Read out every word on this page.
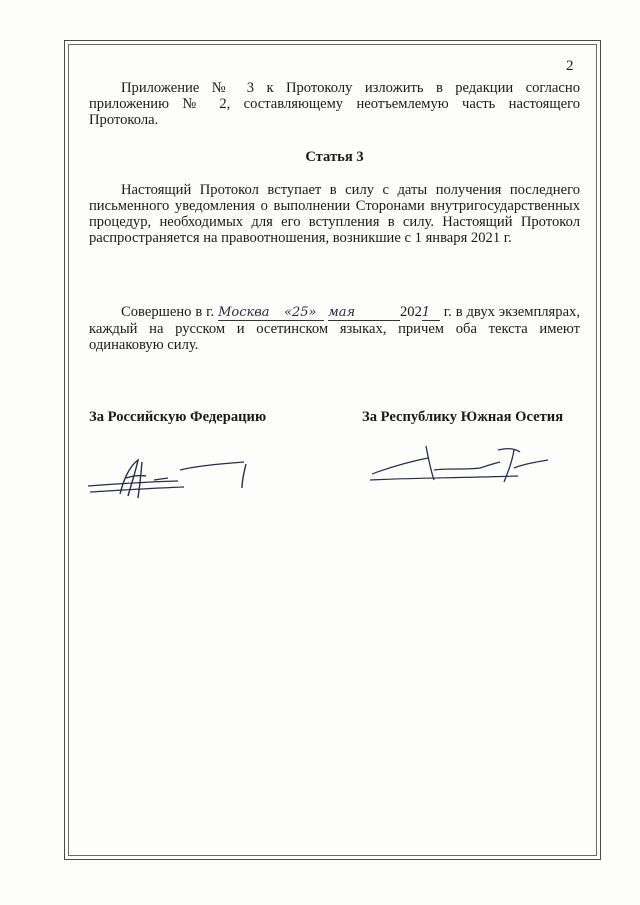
2
Приложение № 3 к Протоколу изложить в редакции согласно приложению № 2, составляющему неотъемлемую часть настоящего Протокола.
Статья 3
Настоящий Протокол вступает в силу с даты получения последнего письменного уведомления о выполнении Сторонами внутригосударственных процедур, необходимых для его вступления в силу. Настоящий Протокол распространяется на правоотношения, возникшие с 1 января 2021 г.
Совершено в г. Москва «25» мая	2021 г. в двух экземплярах, каждый на русском и осетинском языках, причем оба текста имеют одинаковую силу.
За Российскую Федерацию	За Республику Южная Осетия
